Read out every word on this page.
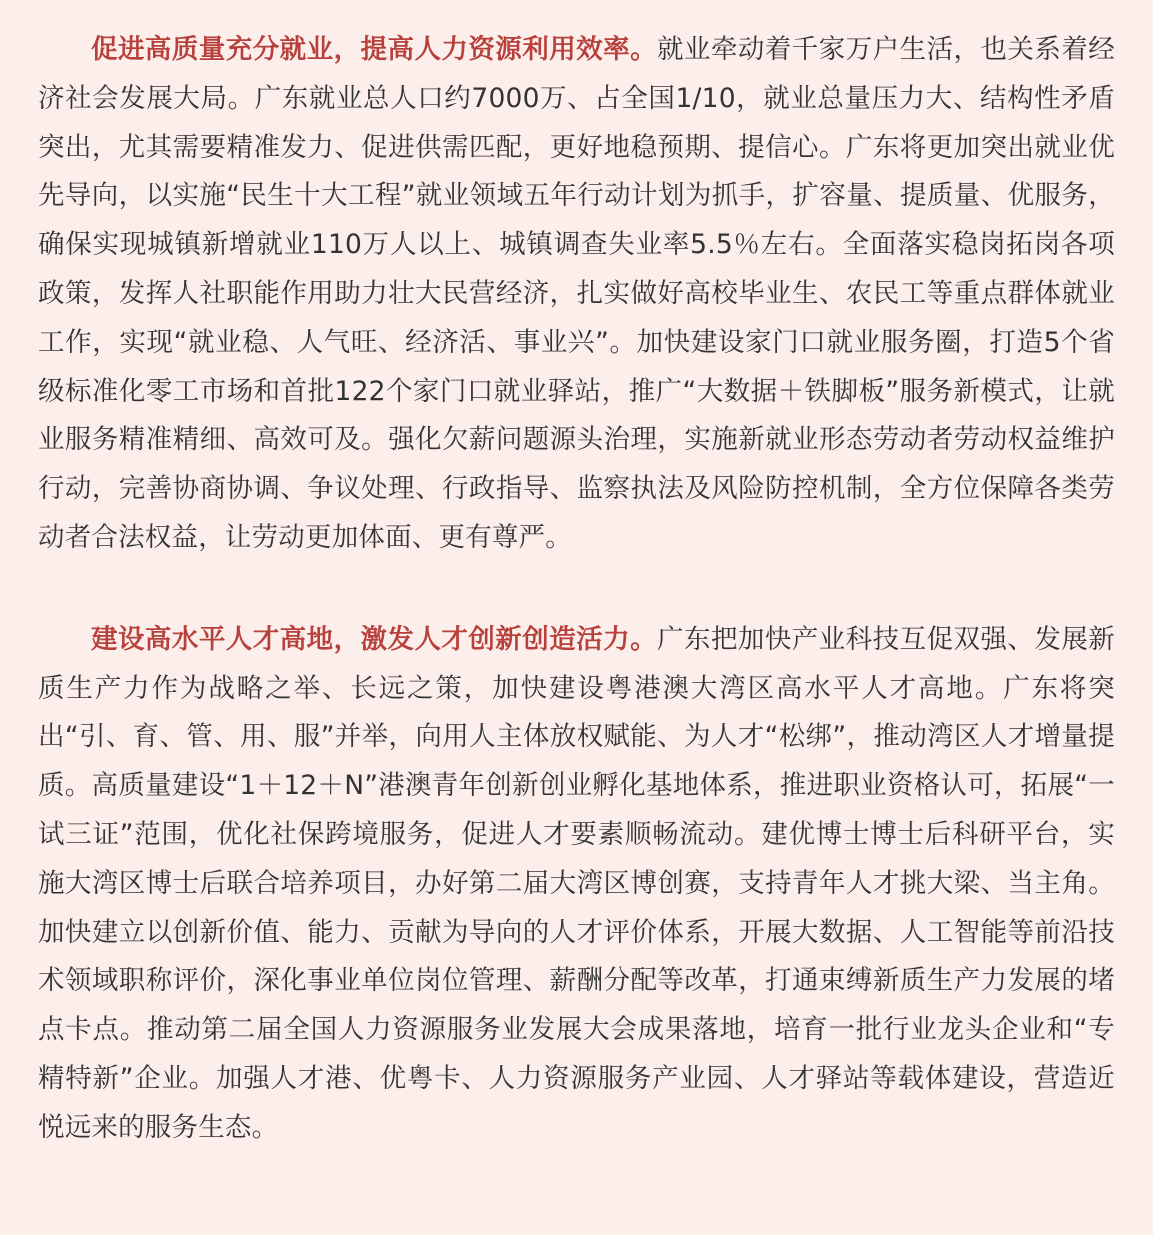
促进高质量充分就业，提高人力资源利用效率。就业牵动着千家万户生活，也关系着经济社会发展大局。广东就业总人口约7000万、占全国1/10，就业总量压力大、结构性矛盾突出，尤其需要精准发力、促进供需匹配，更好地稳预期、提信心。广东将更加突出就业优先导向，以实施“民生十大工程”就业领域五年行动计划为抓手，扩容量、提质量、优服务，确保实现城镇新增就业110万人以上、城镇调查失业率5.5％左右。全面落实稳岗拓岗各项政策，发挥人社职能作用助力壮大民营经济，扎实做好高校毕业生、农民工等重点群体就业工作，实现“就业稳、人气旺、经济活、事业兴”。加快建设家门口就业服务圈，打造5个省级标准化零工市场和首批122个家门口就业驿站，推广“大数据＋铁脚板”服务新模式，让就业服务精准精细、高效可及。强化欠薪问题源头治理，实施新就业形态劳动者劳动权益维护行动，完善协商协调、争议处理、行政指导、监察执法及风险防控机制，全方位保障各类劳动者合法权益，让劳动更加体面、更有尊严。

建设高水平人才高地，激发人才创新创造活力。广东把加快产业科技互促双强、发展新质生产力作为战略之举、长远之策，加快建设粤港澳大湾区高水平人才高地。广东将突出“引、育、管、用、服”并举，向用人主体放权赋能、为人才“松绑”，推动湾区人才增量提质。高质量建设“1＋12＋N”港澳青年创新创业孵化基地体系，推进职业资格认可，拓展“一试三证”范围，优化社保跨境服务，促进人才要素顺畅流动。建优博士博士后科研平台，实施大湾区博士后联合培养项目，办好第二届大湾区博创赛，支持青年人才挑大梁、当主角。加快建立以创新价值、能力、贡献为导向的人才评价体系，开展大数据、人工智能等前沿技术领域职称评价，深化事业单位岗位管理、薪酬分配等改革，打通束缚新质生产力发展的堵点卡点。推动第二届全国人力资源服务业发展大会成果落地，培育一批行业龙头企业和“专精特新”企业。加强人才港、优粤卡、人力资源服务产业园、人才驿站等载体建设，营造近悦远来的服务生态。
